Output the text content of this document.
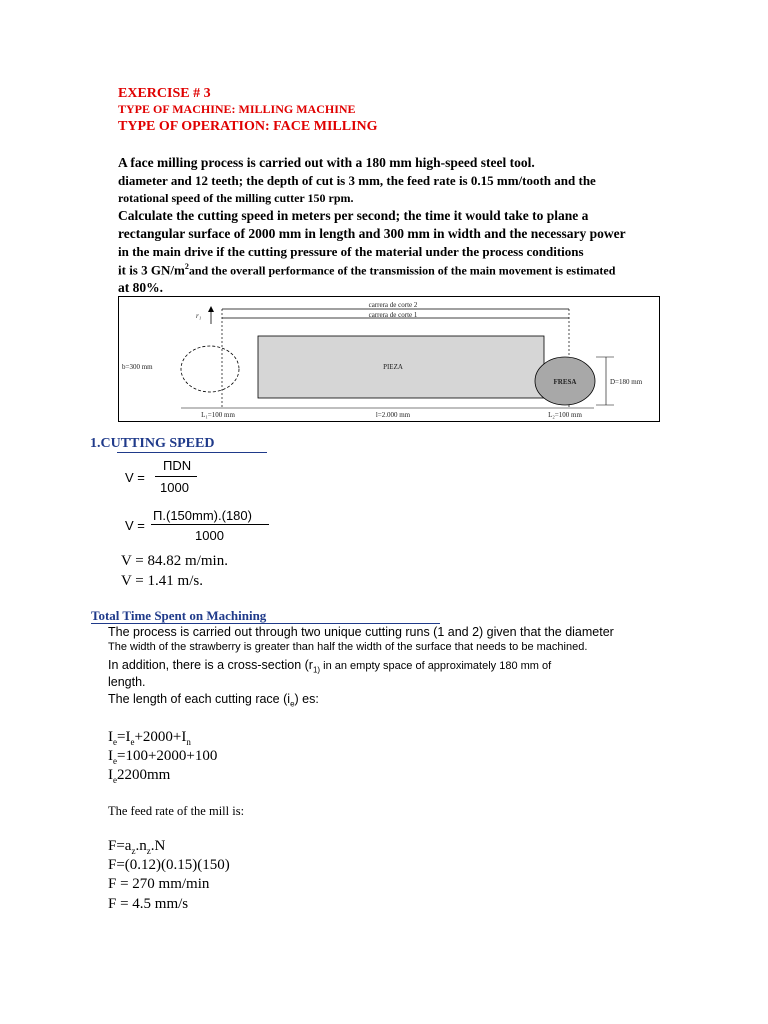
EXERCISE # 3
TYPE OF MACHINE: MILLING MACHINE
TYPE OF OPERATION: FACE MILLING
A face milling process is carried out with a 180 mm high-speed steel tool.
diameter and 12 teeth; the depth of cut is 3 mm, the feed rate is 0.15 mm/tooth and the
rotational speed of the milling cutter 150 rpm.
Calculate the cutting speed in meters per second; the time it would take to plane a
rectangular surface of 2000 mm in length and 300 mm in width and the necessary power
in the main drive if the cutting pressure of the material under the process conditions
it is 3 $GN/m^2and$ the overall performance of the transmission of the main movement is estimated
at 80%.
carrera de corte 2
carrera de corte 1
r₁
b=300 mm	PIEZA
FRESA	D=180 mm
L₁=100 mm	l=2.000 mm	L₂=100 mm
1.CUTTING SPEED
V =
ΠDN
1000
V =
Π.(150mm).(180)
1000
V = 84.82 m/min.
V = 1.41 m/s.
Total Time Spent on Machining
The process is carried out through two unique cutting runs (1 and 2) given that the diameter
The width of the strawberry is greater than half the width of the surface that needs to be machined.
In addition, there is a cross-section ($r_{1)}$ in an empty space of approximately 180 mm of
length.
The length of each cutting race $(i_e)$ es:
$I_e=I_e+2000+I_n$
$I_e=100+2000+100$
$I_e2200mm$
The feed rate of the mill is:
$F=a_z.n_z.N$
F=(0.12)(0.15)(150)
F = 270 mm/min
F = 4.5 mm/s
